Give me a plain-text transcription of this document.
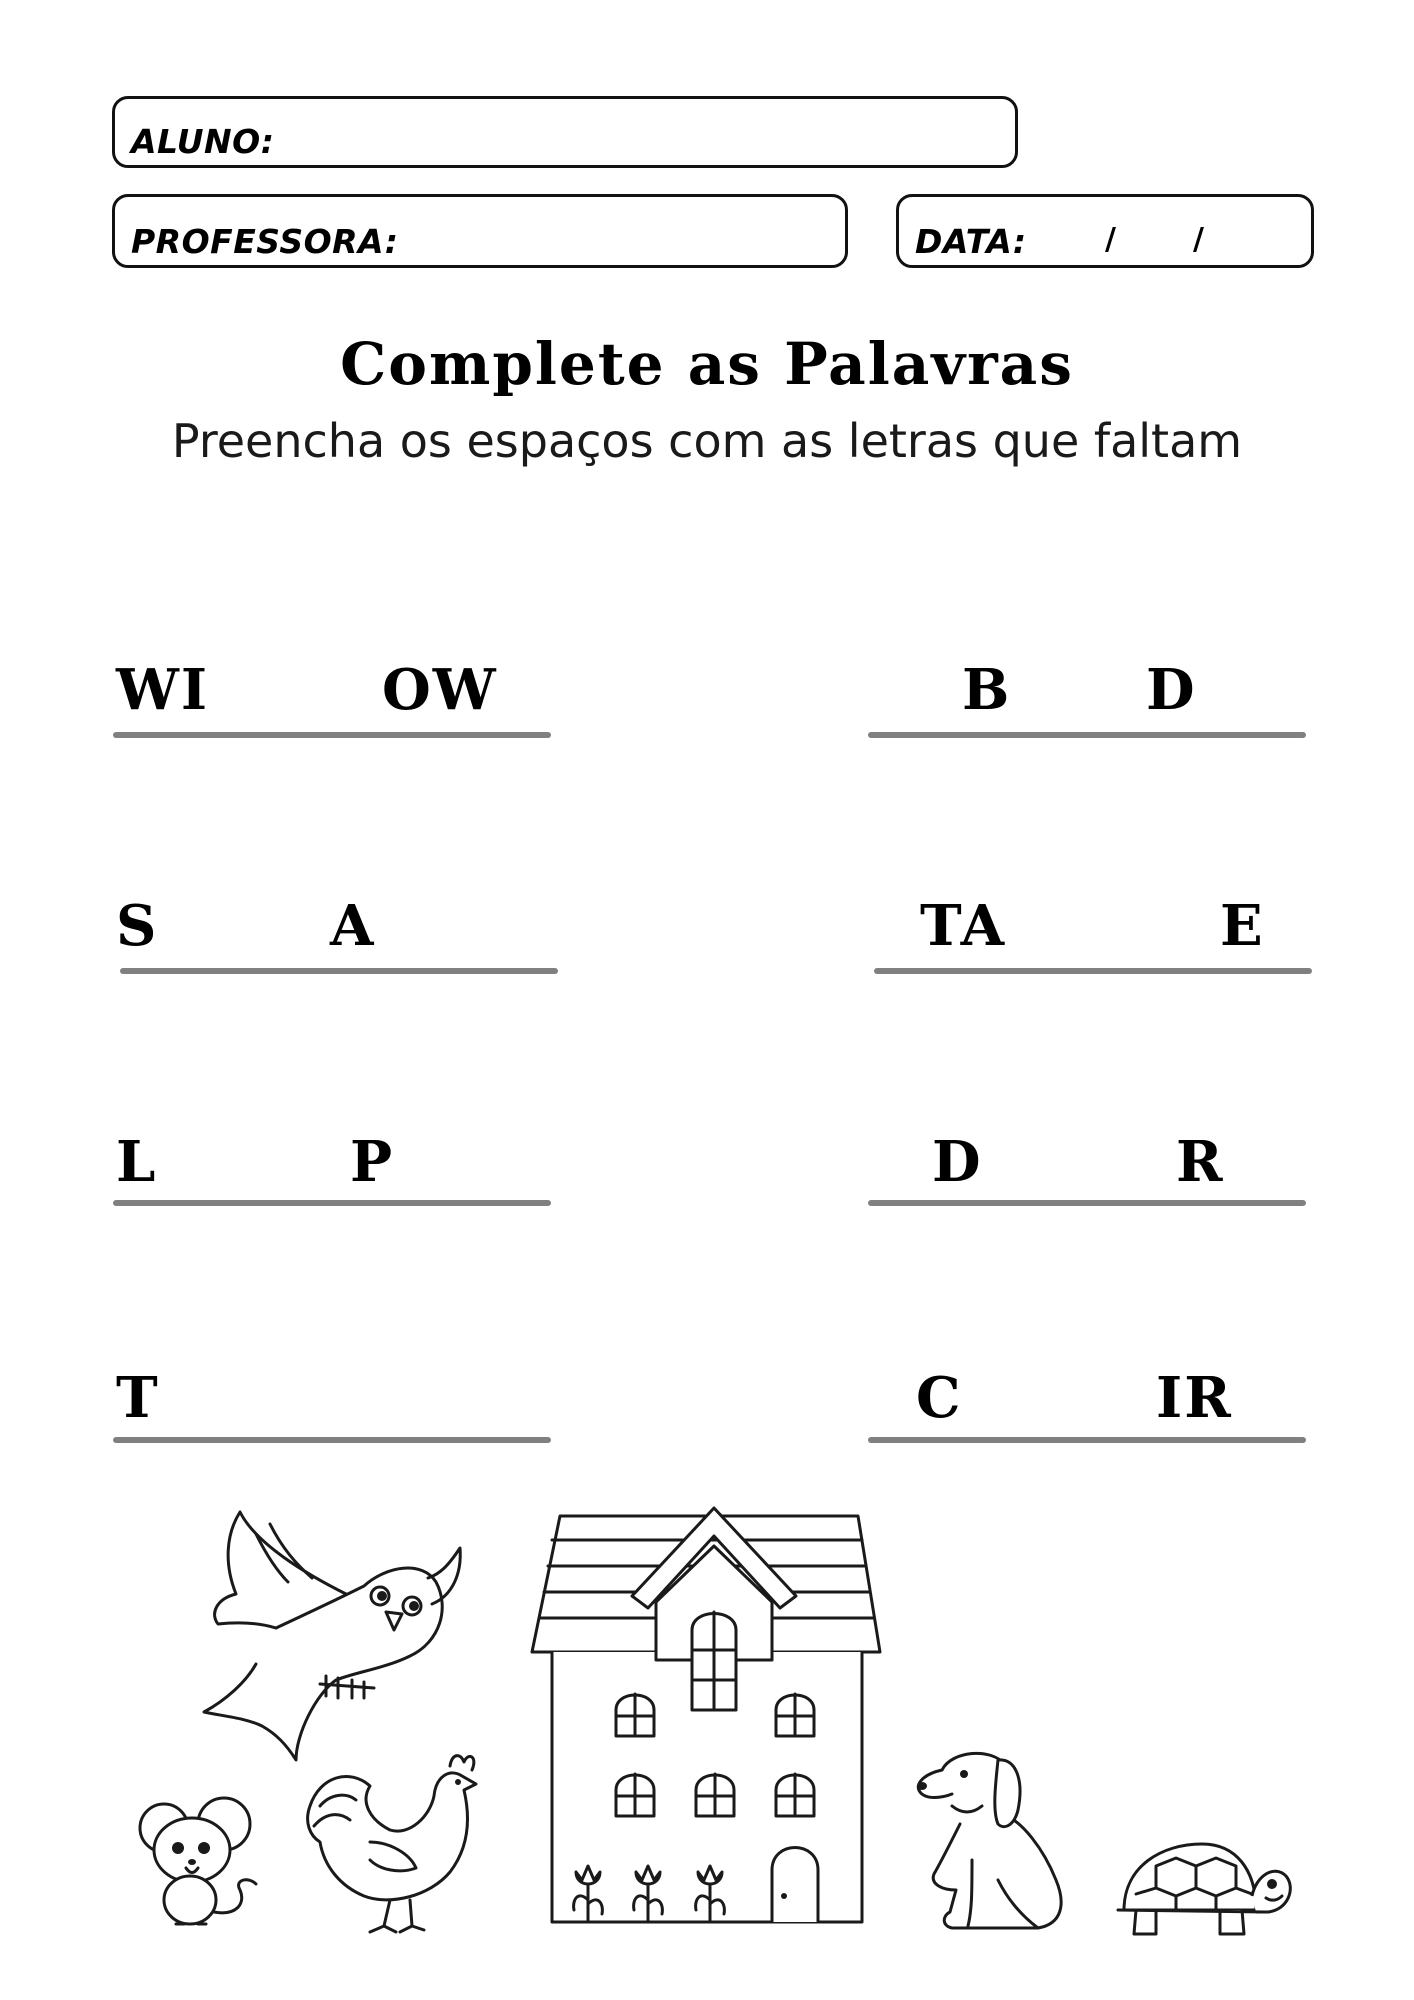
ALUNO:
PROFESSORA:	DATA:	/	/
Complete as Palavras
Preencha os espaços com as letras que faltam
WI	OW	B D
S	A	TA	E
L	P	D	R
T	C	IR
